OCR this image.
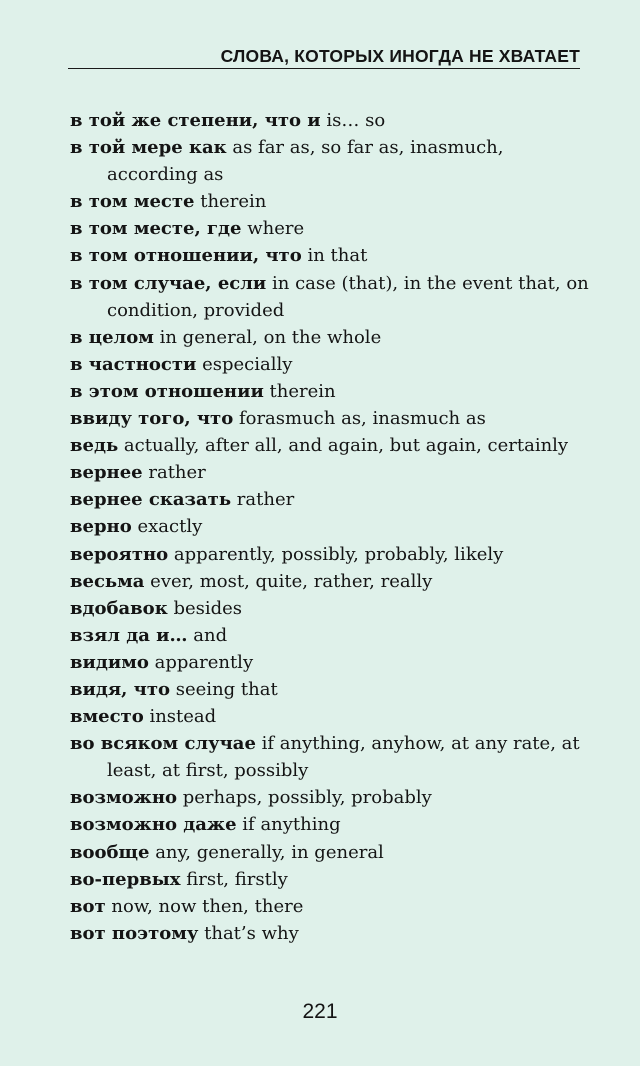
СЛОВА, КОТОРЫХ ИНОГДА НЕ ХВАТАЕТ
в той же степени, что и is… so
в той мере как as far as, so far as, inasmuch, according as
в том месте therein
в том месте, где where
в том отношении, что in that
в том случае, если in case (that), in the event that, on condition, provided
в целом in general, on the whole
в частности especially
в этом отношении therein
ввиду того, что forasmuch as, inasmuch as
ведь actually, after all, and again, but again, certainly
вернее rather
вернее сказать rather
верно exactly
вероятно apparently, possibly, probably, likely
весьма ever, most, quite, rather, really
вдобавок besides
взял да и… and
видимо apparently
видя, что seeing that
вместо instead
во всяком случае if anything, anyhow, at any rate, at least, at first, possibly
возможно perhaps, possibly, probably
возможно даже if anything
вообще any, generally, in general
во-первых first, firstly
вот now, now then, there
вот поэтому that’s why
221
